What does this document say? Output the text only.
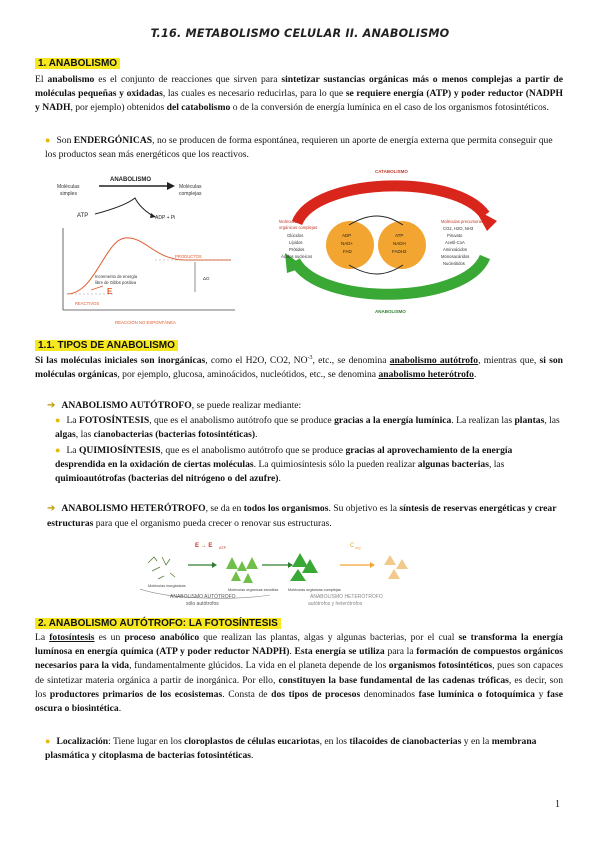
T.16. METABOLISMO CELULAR II. ANABOLISMO
1. ANABOLISMO
El anabolismo es el conjunto de reacciones que sirven para sintetizar sustancias orgánicas más o menos complejas a partir de moléculas pequeñas y oxidadas, las cuales es necesario reducirlas, para lo que se requiere energía (ATP) y poder reductor (NADPH y NADH, por ejemplo) obtenidos del catabolismo o de la conversión de energía lumínica en el caso de los organismos fotosintéticos.
● Son ENDERGÓNICAS, no se producen de forma espontánea, requieren un aporte de energía externa que permita conseguir que los productos sean más energéticos que los reactivos.
ANABOLISMO
Moléculas
simples
Moléculas
complejas
ATP	ADP + Pi
PRODUCTOS
Incremento de energía
libre de Gibbs positiva
REACTIVOS
E
ΔG
REACCIÓN NO ESPONTÁNEA
CATABOLISMO
ANABOLISMO
Moléculas
orgánicas complejas
Glúcidos
Lípidos
Prótidos
Ácidos nucleicos
ADP
NAD+
FAD
ATP
NADH
FADH2
Moléculas precursoras
CO2, H2O, NH3
Piruvato
Acetil-CoA
Aminoácidos
Monosacáridos
Nucleótidos
1.1. TIPOS DE ANABOLISMO
Si las moléculas iniciales son inorgánicas, como el H2O, CO2, $NO^{-3}$, etc., se denomina anabolismo autótrofo, mientras que, si son moléculas orgánicas, por ejemplo, glucosa, aminoácidos, nucleótidos, etc., se denomina anabolismo heterótrofo.
➔ ANABOLISMO AUTÓTROFO, se puede realizar mediante:
● La FOTOSÍNTESIS, que es el anabolismo autótrofo que se produce gracias a la energía lumínica. La realizan las plantas, las algas, las cianobacterias (bacterias fotosintéticas).
● La QUIMIOSÍNTESIS, que es el anabolismo autótrofo que se produce gracias al aprovechamiento de la energía desprendida en la oxidación de ciertas moléculas. La quimiosíntesis sólo la pueden realizar algunas bacterias, las quimioautótrofas (bacterias del nitrógeno o del azufre).
➔ ANABOLISMO HETERÓTROFO, se da en todos los organismos. Su objetivo es la síntesis de reservas energéticas y crear estructuras para que el organismo pueda crecer o renovar sus estructuras.
Moléculas inorgánicas
E → E ATP
Moléculas orgánicas sencillas	Moléculas orgánicas complejas
C org
ANABOLISMO AUTÓTROFO
sólo autótrofos
ANABOLISMO HETERÓTROFO
autótrofos y heterótrofos
2. ANABOLISMO AUTÓTROFO: LA FOTOSÍNTESIS
La fotosíntesis es un proceso anabólico que realizan las plantas, algas y algunas bacterias, por el cual se transforma la energía lumínosa en energía química (ATP y poder reductor NADPH). Esta energía se utiliza para la formación de compuestos orgánicos necesarios para la vida, fundamentalmente glúcidos. La vida en el planeta depende de los organismos fotosintéticos, pues son capaces de sintetizar materia orgánica a partir de inorgánica. Por ello, constituyen la base fundamental de las cadenas tróficas, es decir, son los productores primarios de los ecosistemas. Consta de dos tipos de procesos denominados fase lumínica o fotoquímica y fase oscura o biosintética.
● Localización: Tiene lugar en los cloroplastos de células eucariotas, en los tilacoides de cianobacterias y en la membrana plasmática y citoplasma de bacterias fotosintéticas.
1
